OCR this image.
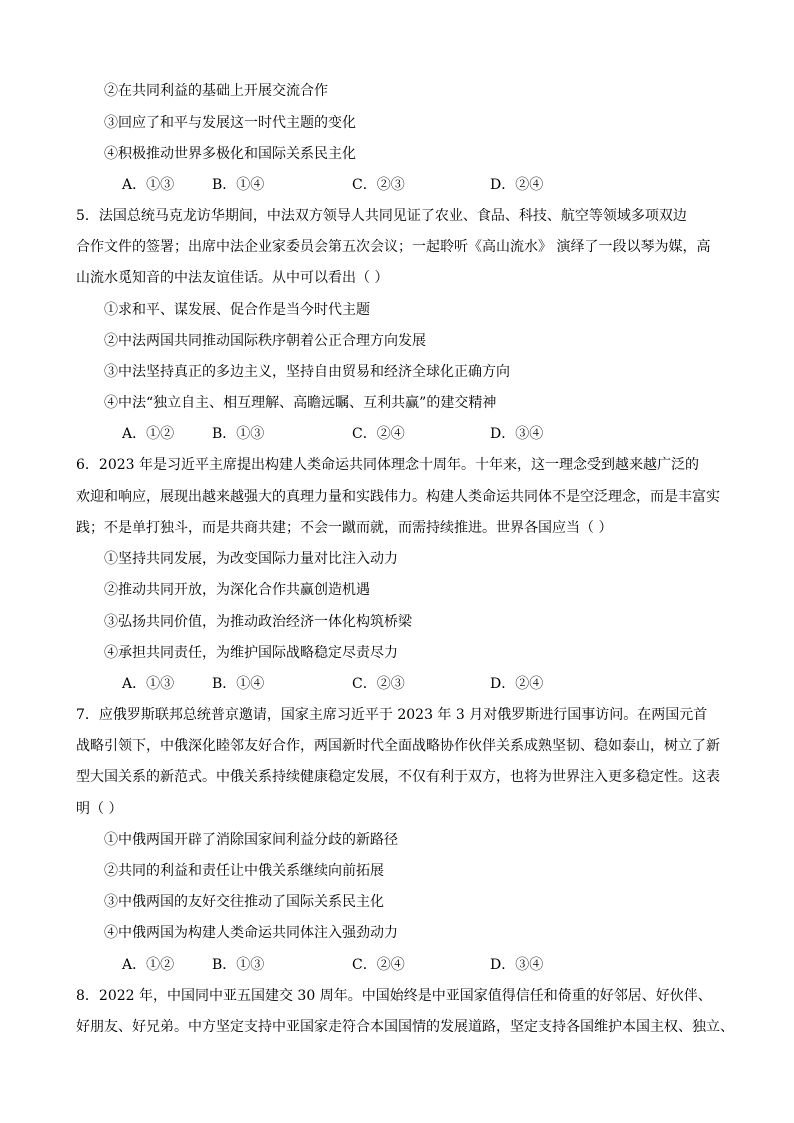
②在共同利益的基础上开展交流合作
③回应了和平与发展这一时代主题的变化
④积极推动世界多极化和国际关系民主化
A．①③	B．①④	C．②③	D．②④
5．法国总统马克龙访华期间，中法双方领导人共同见证了农业、食品、科技、航空等领域多项双边
合作文件的签署；出席中法企业家委员会第五次会议；一起聆听《高山流水》 演绎了一段以琴为媒，高
山流水觅知音的中法友谊佳话。从中可以看出（ ）
①求和平、谋发展、促合作是当今时代主题
②中法两国共同推动国际秩序朝着公正合理方向发展
③中法坚持真正的多边主义，坚持自由贸易和经济全球化正确方向
④中法“独立自主、相互理解、高瞻远瞩、互利共赢”的建交精神
A．①②	B．①③	C．②④	D．③④
6．2023 年是习近平主席提出构建人类命运共同体理念十周年。十年来，这一理念受到越来越广泛的
欢迎和响应，展现出越来越强大的真理力量和实践伟力。构建人类命运共同体不是空泛理念，而是丰富实
践；不是单打独斗，而是共商共建；不会一蹴而就，而需持续推进。世界各国应当（ ）
①坚持共同发展，为改变国际力量对比注入动力
②推动共同开放，为深化合作共赢创造机遇
③弘扬共同价值，为推动政治经济一体化构筑桥梁
④承担共同责任，为维护国际战略稳定尽责尽力
A．①③	B．①④	C．②③	D．②④
7．应俄罗斯联邦总统普京邀请，国家主席习近平于 2023 年 3 月对俄罗斯进行国事访问。在两国元首
战略引领下，中俄深化睦邻友好合作，两国新时代全面战略协作伙伴关系成熟坚韧、稳如泰山，树立了新
型大国关系的新范式。中俄关系持续健康稳定发展，不仅有利于双方，也将为世界注入更多稳定性。这表
明（ ）
①中俄两国开辟了消除国家间利益分歧的新路径
②共同的利益和责任让中俄关系继续向前拓展
③中俄两国的友好交往推动了国际关系民主化
④中俄两国为构建人类命运共同体注入强劲动力
A．①②	B．①③	C．②④	D．③④
8．2022 年，中国同中亚五国建交 30 周年。中国始终是中亚国家值得信任和倚重的好邻居、好伙伴、
好朋友、好兄弟。中方坚定支持中亚国家走符合本国国情的发展道路，坚定支持各国维护本国主权、独立、
